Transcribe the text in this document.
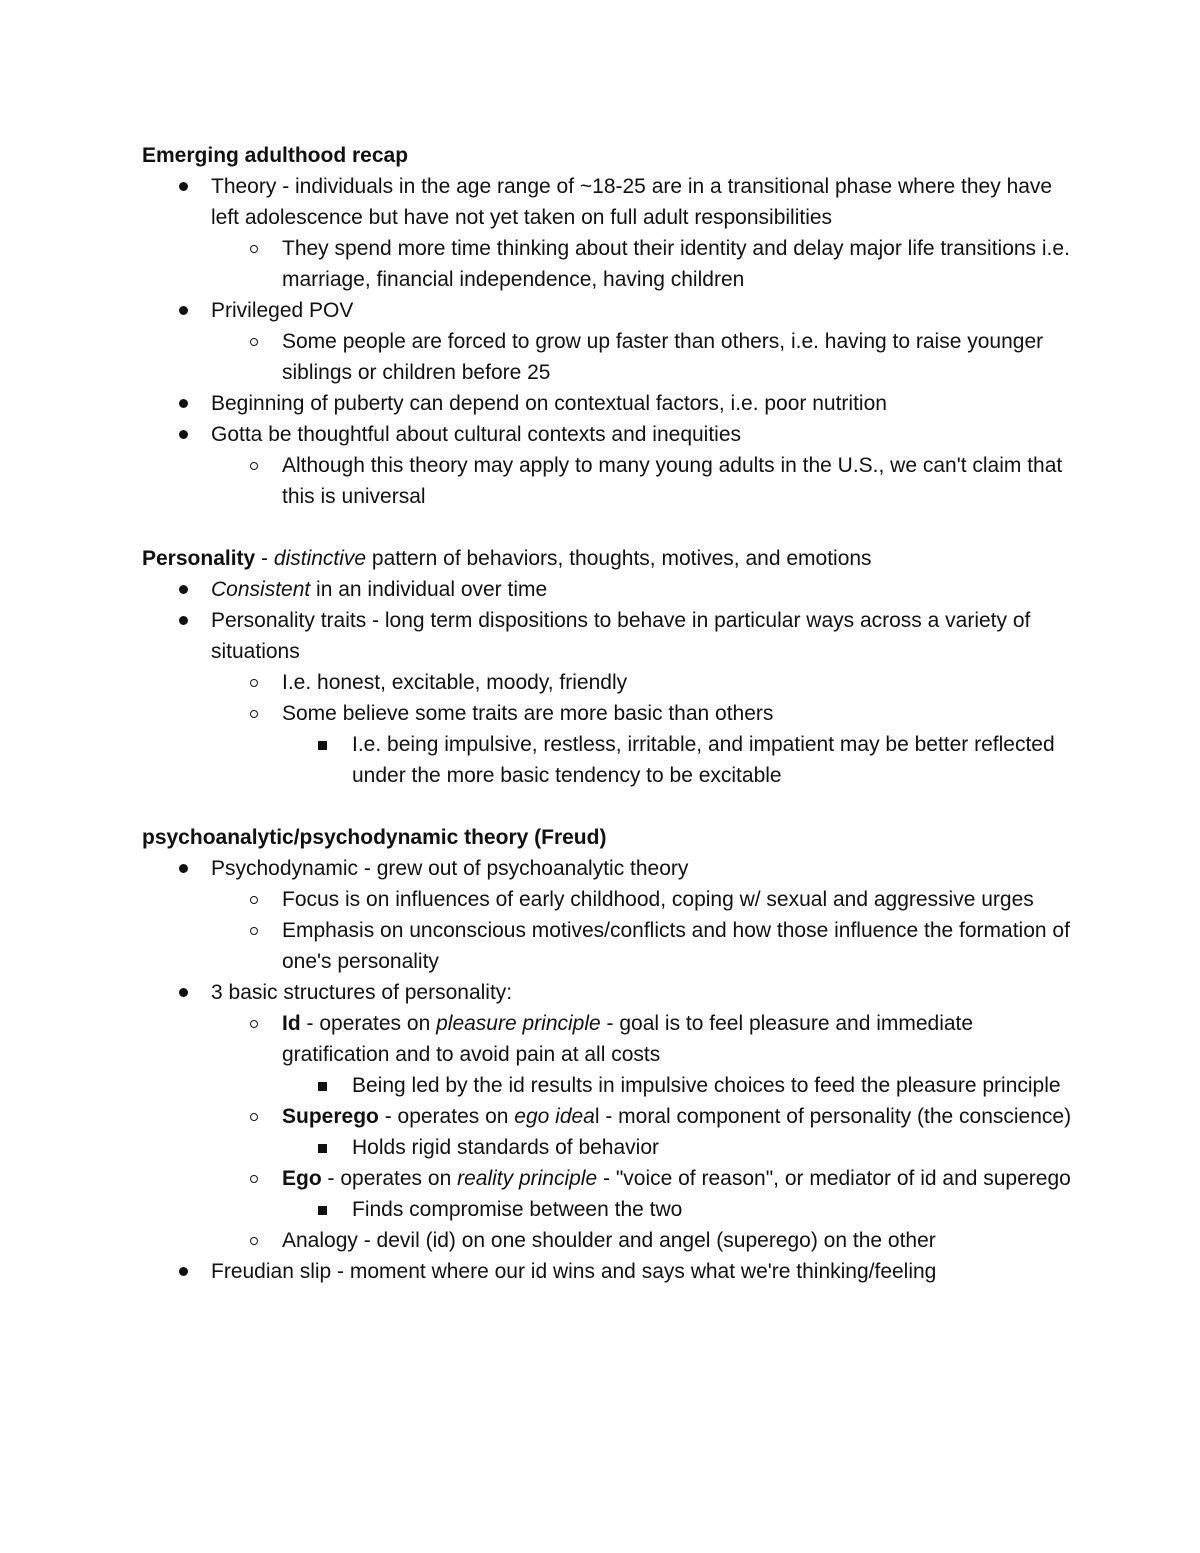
Emerging adulthood recap

Theory - individuals in the age range of ~18-25 are in a transitional phase where they have left adolescence but have not yet taken on full adult responsibilities
They spend more time thinking about their identity and delay major life transitions i.e. marriage, financial independence, having children
Privileged POV
Some people are forced to grow up faster than others, i.e. having to raise younger siblings or children before 25
Beginning of puberty can depend on contextual factors, i.e. poor nutrition
Gotta be thoughtful about cultural contexts and inequities
Although this theory may apply to many young adults in the U.S., we can't claim that this is universal

Personality - distinctive pattern of behaviors, thoughts, motives, and emotions

Consistent in an individual over time
Personality traits - long term dispositions to behave in particular ways across a variety of situations
I.e. honest, excitable, moody, friendly
Some believe some traits are more basic than others
I.e. being impulsive, restless, irritable, and impatient may be better reflected under the more basic tendency to be excitable

psychoanalytic/psychodynamic theory (Freud)

Psychodynamic - grew out of psychoanalytic theory
Focus is on influences of early childhood, coping w/ sexual and aggressive urges
Emphasis on unconscious motives/conflicts and how those influence the formation of one's personality
3 basic structures of personality:
Id - operates on pleasure principle - goal is to feel pleasure and immediate gratification and to avoid pain at all costs
Being led by the id results in impulsive choices to feed the pleasure principle
Superego - operates on ego ideal - moral component of personality (the conscience)
Holds rigid standards of behavior
Ego - operates on reality principle - "voice of reason", or mediator of id and superego
Finds compromise between the two
Analogy - devil (id) on one shoulder and angel (superego) on the other
Freudian slip - moment where our id wins and says what we're thinking/feeling
